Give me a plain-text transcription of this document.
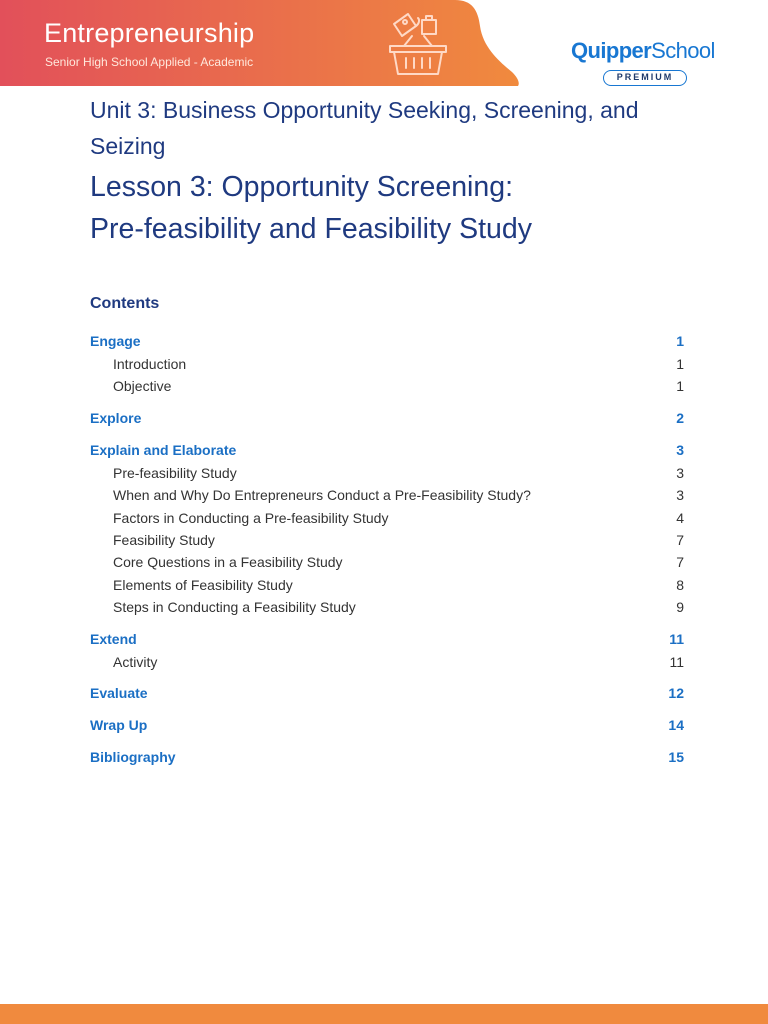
Entrepreneurship
Senior High School Applied - Academic	QuipperSchool
PREMIUM
Unit 3: Business Opportunity Seeking, Screening, and Seizing
Lesson 3: Opportunity Screening:
Pre-feasibility and Feasibility Study
Contents
Engage	1
Introduction	1
Objective	1
Explore	2
Explain and Elaborate	3
Pre-feasibility Study	3
When and Why Do Entrepreneurs Conduct a Pre-Feasibility Study?	3
Factors in Conducting a Pre-feasibility Study	4
Feasibility Study	7
Core Questions in a Feasibility Study	7
Elements of Feasibility Study	8
Steps in Conducting a Feasibility Study	9
Extend	11
Activity	11
Evaluate	12
Wrap Up	14
Bibliography	15
